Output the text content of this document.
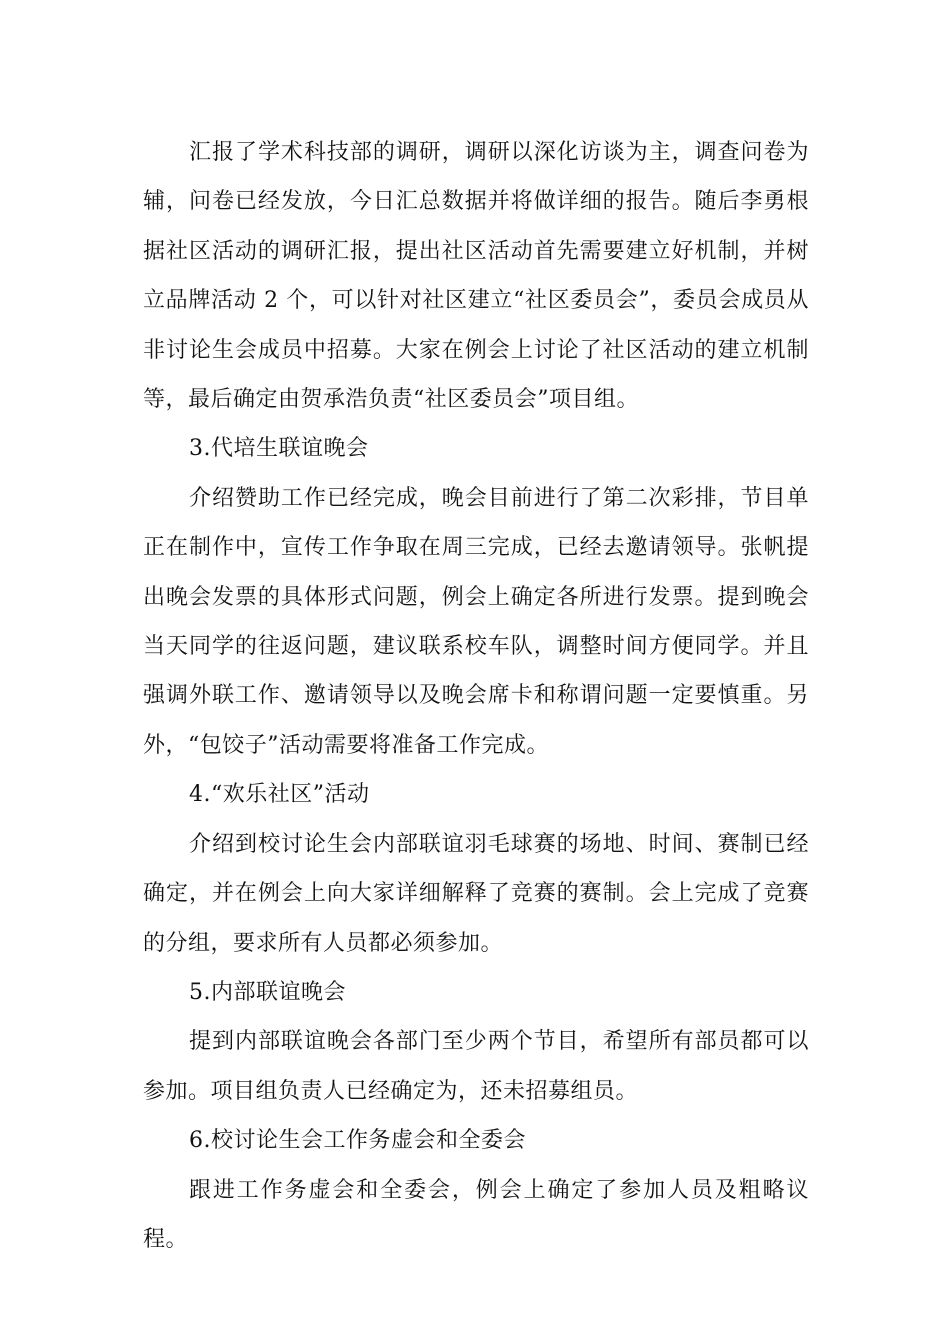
汇报了学术科技部的调研，调研以深化访谈为主，调查问卷为辅，问卷已经发放，今日汇总数据并将做详细的报告。随后李勇根据社区活动的调研汇报，提出社区活动首先需要建立好机制，并树立品牌活动 2 个，可以针对社区建立“社区委员会”，委员会成员从非讨论生会成员中招募。大家在例会上讨论了社区活动的建立机制等，最后确定由贺承浩负责“社区委员会”项目组。

3.代培生联谊晚会

介绍赞助工作已经完成，晚会目前进行了第二次彩排，节目单正在制作中，宣传工作争取在周三完成，已经去邀请领导。张帆提出晚会发票的具体形式问题，例会上确定各所进行发票。提到晚会当天同学的往返问题，建议联系校车队，调整时间方便同学。并且强调外联工作、邀请领导以及晚会席卡和称谓问题一定要慎重。另外，“包饺子”活动需要将准备工作完成。

4.“欢乐社区”活动

介绍到校讨论生会内部联谊羽毛球赛的场地、时间、赛制已经确定，并在例会上向大家详细解释了竞赛的赛制。会上完成了竞赛的分组，要求所有人员都必须参加。

5.内部联谊晚会

提到内部联谊晚会各部门至少两个节目，希望所有部员都可以参加。项目组负责人已经确定为，还未招募组员。

6.校讨论生会工作务虚会和全委会

跟进工作务虚会和全委会，例会上确定了参加人员及粗略议程。
